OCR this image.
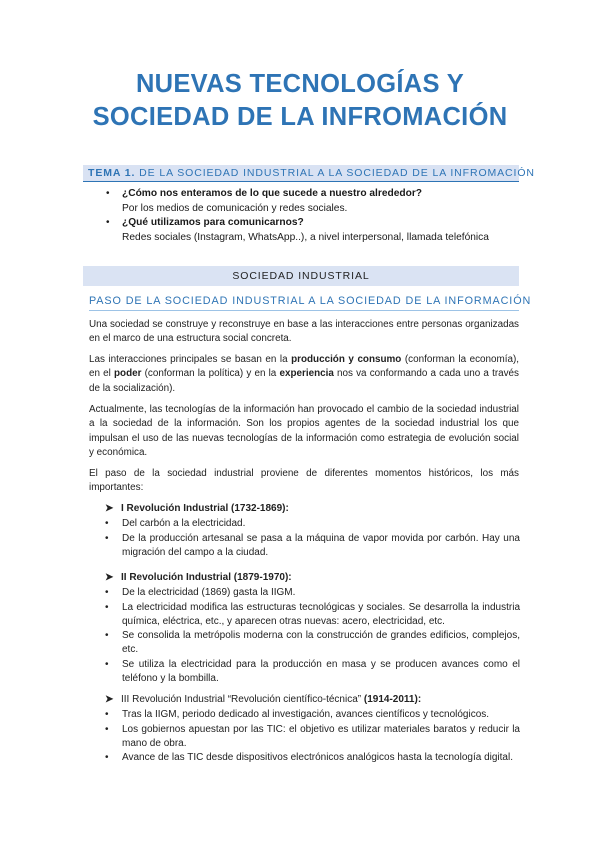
NUEVAS TECNOLOGÍAS Y
SOCIEDAD DE LA INFROMACIÓN
TEMA 1. DE LA SOCIEDAD INDUSTRIAL A LA SOCIEDAD DE LA INFROMACIÓN
• ¿Cómo nos enteramos de lo que sucede a nuestro alrededor?
Por los medios de comunicación y redes sociales.
• ¿Qué utilizamos para comunicarnos?
Redes sociales (Instagram, WhatsApp..), a nivel interpersonal, llamada telefónica
SOCIEDAD INDUSTRIAL
PASO DE LA SOCIEDAD INDUSTRIAL A LA SOCIEDAD DE LA INFORMACIÓN

Una sociedad se construye y reconstruye en base a las interacciones entre personas organizadas en el marco de una estructura social concreta.

Las interacciones principales se basan en la producción y consumo (conforman la economía), en el poder (conforman la política) y en la experiencia nos va conformando a cada uno a través de la socialización).

Actualmente, las tecnologías de la información han provocado el cambio de la sociedad industrial a la sociedad de la información. Son los propios agentes de la sociedad industrial los que impulsan el uso de las nuevas tecnologías de la información como estrategia de evolución social y económica.

El paso de la sociedad industrial proviene de diferentes momentos históricos, los más importantes:

➤ I Revolución Industrial (1732-1869):
• Del carbón a la electricidad.
• De la producción artesanal se pasa a la máquina de vapor movida por carbón. Hay una migración del campo a la ciudad.
➤ II Revolución Industrial (1879-1970):
• De la electricidad (1869) gasta la IIGM.
• La electricidad modifica las estructuras tecnológicas y sociales. Se desarrolla la industria química, eléctrica, etc., y aparecen otras nuevas: acero, electricidad, etc.
• Se consolida la metrópolis moderna con la construcción de grandes edificios, complejos, etc.
• Se utiliza la electricidad para la producción en masa y se producen avances como el teléfono y la bombilla.
➤ III Revolución Industrial “Revolución científico-técnica” (1914-2011):
• Tras la IIGM, periodo dedicado al investigación, avances científicos y tecnológicos.
• Los gobiernos apuestan por las TIC: el objetivo es utilizar materiales baratos y reducir la mano de obra.
• Avance de las TIC desde dispositivos electrónicos analógicos hasta la tecnología digital.
